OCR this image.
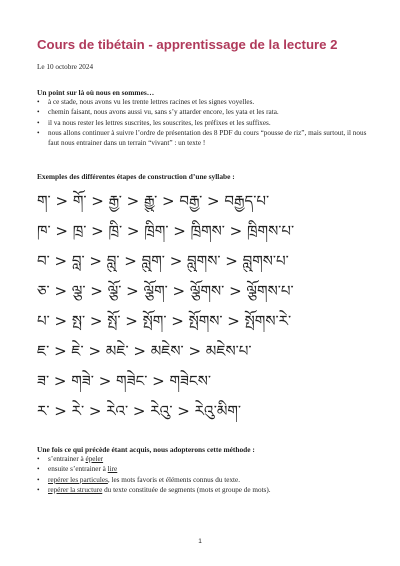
Cours de tibétain - apprentissage de la lecture 2

Le 10 octobre 2024

Un point sur là où nous en sommes…

• à ce stade, nous avons vu les trente lettres racines et les signes voyelles.
• chemin faisant, nous avons aussi vu, sans s’y attarder encore, les yata et les rata.
• il va nous rester les lettres suscrites, les souscrites, les préfixes et les suffixes.
• nous allons continuer à suivre l’ordre de présentation des 8 PDF du cours “pousse de riz”, mais surtout, il nous faut nous entrainer dans un terrain “vivant” : un texte !

Exemples des différentes étapes de construction d’une syllabe :

ག་ > གོ་ > རྒྱ་ > རྒྱུ་ > བརྒྱ་ > བརྒྱད་པ་
ཁ་ > ཁྲ་ > ཁྲི་ > ཁྲིག་ > ཁྲིགས་ > ཁྲིགས་པ་
བ་ > བླ་ > བླུ་ > བླུག་ > བླུགས་ > བླུགས་པ་
ཅ་ > ལྕ་ > ལྕོ་ > ལྕོག་ > ལྕོགས་ > ལྕོགས་པ་
པ་ > སྤ་ > སྤོ་ > སྤོག་ > སྤོགས་ > སྤོགས་རེ་
ཇ་ > ཇེ་ > མཇེ་ > མཇེས་ > མཇེས་པ་
ཟ་ > གཟེ་ > གཟེང་ > གཟེངས་
ར་ > རེ་ > རེའ་ > རེའུ་ > རེའུ་མིག་

Une fois ce qui précède étant acquis, nous adopterons cette méthode :

• s’entrainer à épeler
• ensuite s’entrainer à lire
• repérer les particules, les mots favoris et éléments connus du texte.
• repérer la structure du texte constituée de segments (mots et groupe de mots).
1
